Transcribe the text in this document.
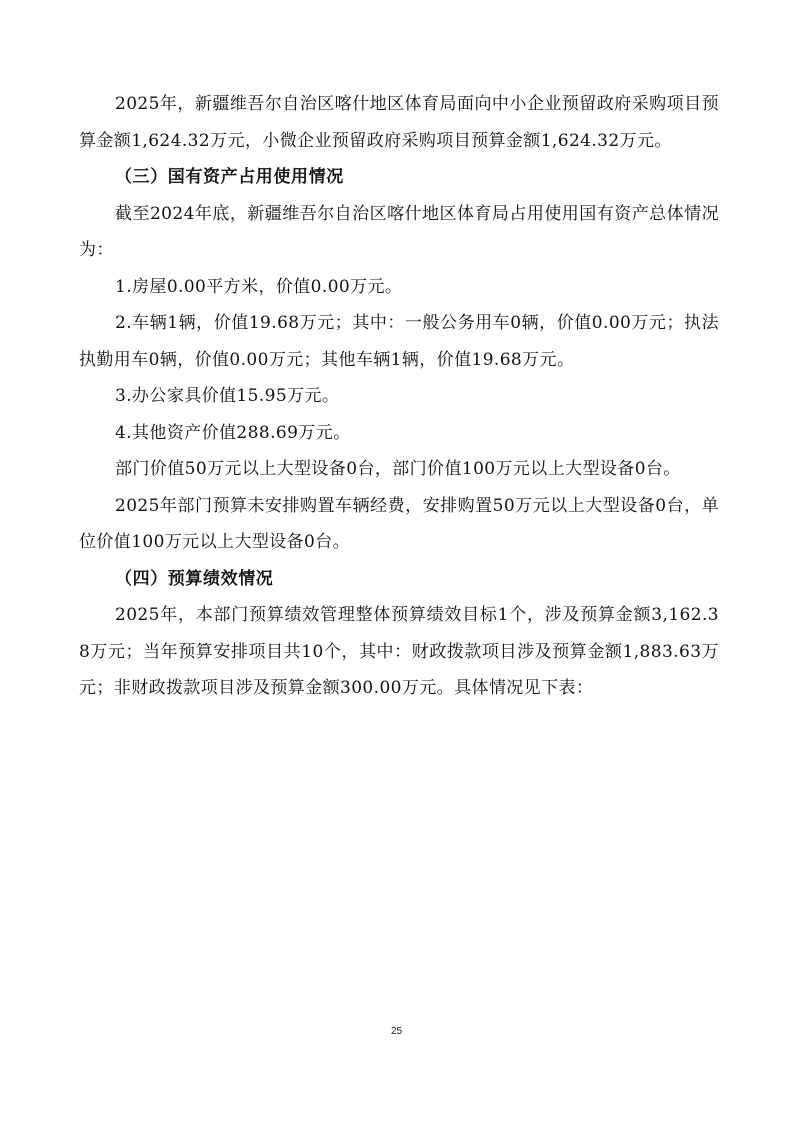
2025年，新疆维吾尔自治区喀什地区体育局面向中小企业预留政府采购项目预算金额1,624.32万元，小微企业预留政府采购项目预算金额1,624.32万元。

（三）国有资产占用使用情况

截至2024年底，新疆维吾尔自治区喀什地区体育局占用使用国有资产总体情况为：

1.房屋0.00平方米，价值0.00万元。

2.车辆1辆，价值19.68万元；其中：一般公务用车0辆，价值0.00万元；执法执勤用车0辆，价值0.00万元；其他车辆1辆，价值19.68万元。

3.办公家具价值15.95万元。

4.其他资产价值288.69万元。

部门价值50万元以上大型设备0台，部门价值100万元以上大型设备0台。

2025年部门预算未安排购置车辆经费，安排购置50万元以上大型设备0台，单位价值100万元以上大型设备0台。

（四）预算绩效情况

2025年，本部门预算绩效管理整体预算绩效目标1个，涉及预算金额3,162.38万元；当年预算安排项目共10个，其中：财政拨款项目涉及预算金额1,883.63万元；非财政拨款项目涉及预算金额300.00万元。具体情况见下表：

25
